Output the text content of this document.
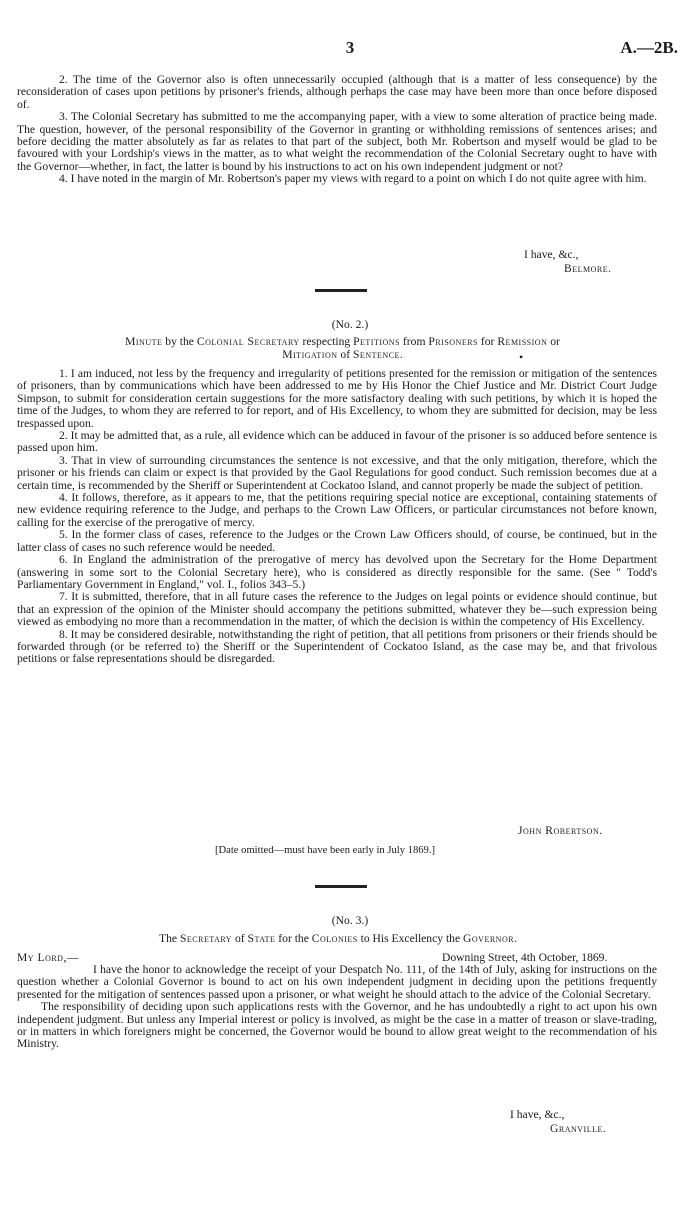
3	A.—2B.

2. The time of the Governor also is often unnecessarily occupied (although that is a matter of less consequence) by the reconsideration of cases upon petitions by prisoner's friends, although perhaps the case may have been more than once before disposed of.

3. The Colonial Secretary has submitted to me the accompanying paper, with a view to some alteration of practice being made. The question, however, of the personal responsibility of the Governor in granting or withholding remissions of sentences arises; and before deciding the matter absolutely as far as relates to that part of the subject, both Mr. Robertson and myself would be glad to be favoured with your Lordship's views in the matter, as to what weight the recommendation of the Colonial Secretary ought to have with the Governor—whether, in fact, the latter is bound by his instructions to act on his own independent judgment or not?

4. I have noted in the margin of Mr. Robertson's paper my views with regard to a point on which I do not quite agree with him.

I have, &c.,
Belmore.
(No. 2.)
Minute by the Colonial Secretary respecting Petitions from Prisoners for Remission or
Mitigation of Sentence.	•

1. I am induced, not less by the frequency and irregularity of petitions presented for the remission or mitigation of the sentences of prisoners, than by communications which have been addressed to me by His Honor the Chief Justice and Mr. District Court Judge Simpson, to submit for consideration certain suggestions for the more satisfactory dealing with such petitions, by which it is hoped the time of the Judges, to whom they are referred to for report, and of His Excellency, to whom they are submitted for decision, may be less trespassed upon.

2. It may be admitted that, as a rule, all evidence which can be adduced in favour of the prisoner is so adduced before sentence is passed upon him.

3. That in view of surrounding circumstances the sentence is not excessive, and that the only mitigation, therefore, which the prisoner or his friends can claim or expect is that provided by the Gaol Regulations for good conduct. Such remission becomes due at a certain time, is recommended by the Sheriff or Superintendent at Cockatoo Island, and cannot properly be made the subject of petition.

4. It follows, therefore, as it appears to me, that the petitions requiring special notice are exceptional, containing statements of new evidence requiring reference to the Judge, and perhaps to the Crown Law Officers, or particular circumstances not before known, calling for the exercise of the prerogative of mercy.

5. In the former class of cases, reference to the Judges or the Crown Law Officers should, of course, be continued, but in the latter class of cases no such reference would be needed.

6. In England the administration of the prerogative of mercy has devolved upon the Secretary for the Home Department (answering in some sort to the Colonial Secretary here), who is considered as directly responsible for the same. (See " Todd's Parliamentary Government in England," vol. I., folios 343–5.)

7. It is submitted, therefore, that in all future cases the reference to the Judges on legal points or evidence should continue, but that an expression of the opinion of the Minister should accompany the petitions submitted, whatever they be—such expression being viewed as embodying no more than a recommendation in the matter, of which the decision is within the competency of His Excellency.

8. It may be considered desirable, notwithstanding the right of petition, that all petitions from prisoners or their friends should be forwarded through (or be referred to) the Sheriff or the Superintendent of Cockatoo Island, as the case may be, and that frivolous petitions or false representations should be disregarded.

John Robertson.
[Date omitted—must have been early in July 1869.]
(No. 3.)
The Secretary of State for the Colonies to His Excellency the Governor.
My Lord,—	Downing Street, 4th October, 1869.

I have the honor to acknowledge the receipt of your Despatch No. 111, of the 14th of July, asking for instructions on the question whether a Colonial Governor is bound to act on his own independent judgment in deciding upon the petitions frequently presented for the mitigation of sentences passed upon a prisoner, or what weight he should attach to the advice of the Colonial Secretary.

The responsibility of deciding upon such applications rests with the Governor, and he has undoubtedly a right to act upon his own independent judgment. But unless any Imperial interest or policy is involved, as might be the case in a matter of treason or slave-trading, or in matters in which foreigners might be concerned, the Governor would be bound to allow great weight to the recommendation of his Ministry.

I have, &c.,
Granville.
